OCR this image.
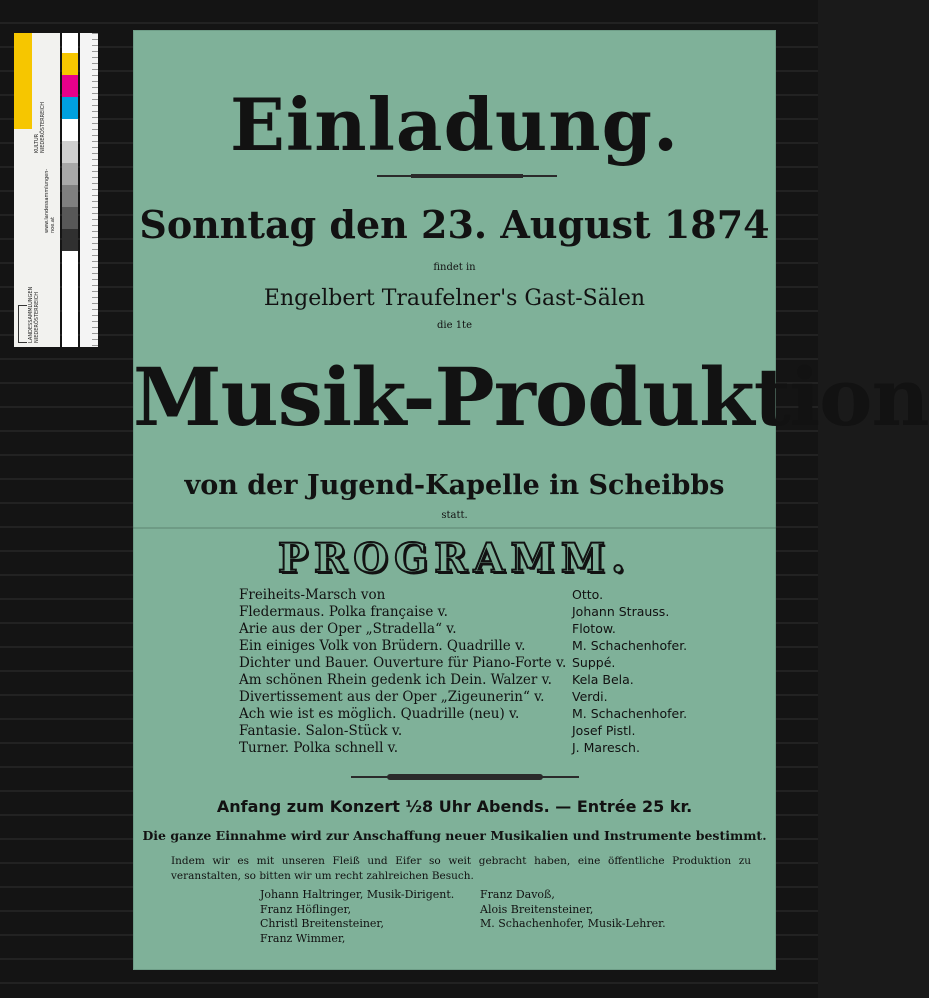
KULTUR NIEDERÖSTERREICH
www.landessammlungen-noe.at
LANDESSAMMLUNGEN NIEDERÖSTERREICH
Einladung.
Sonntag den 23. August 1874
findet in
Engelbert Traufelner's Gast-Sälen
die 1te
Musik-Produktion
von der Jugend-Kapelle in Scheibbs
statt.
PROGRAMM.
Freiheits-Marsch von	Otto.
Fledermaus. Polka française v.	Johann Strauss.
Arie aus der Oper „Stradella“ v.	Flotow.
Ein einiges Volk von Brüdern. Quadrille v.	M. Schachenhofer.
Dichter und Bauer. Ouverture für Piano-Forte v. Suppé.
Am schönen Rhein gedenk ich Dein. Walzer v. Kela Bela.
Divertissement aus der Oper „Zigeunerin“ v. Verdi.
Ach wie ist es möglich. Quadrille (neu) v.	M. Schachenhofer.
Fantasie. Salon-Stück v.	Josef Pistl.
Turner. Polka schnell v.	J. Maresch.
Anfang zum Konzert ½8 Uhr Abends. — Entrée 25 kr.
Die ganze Einnahme wird zur Anschaffung neuer Musikalien und Instrumente bestimmt.
Indem wir es mit unseren Fleiß und Eifer so weit gebracht haben, eine öffentliche Produktion zu veranstalten, so bitten wir um recht zahlreichen Besuch.
Johann Haltringer, Musik-Dirigent.
Franz Höflinger,
Christl Breitensteiner,
Franz Wimmer,
Franz Davoß,
Alois Breitensteiner,
M. Schachenhofer, Musik-Lehrer.
